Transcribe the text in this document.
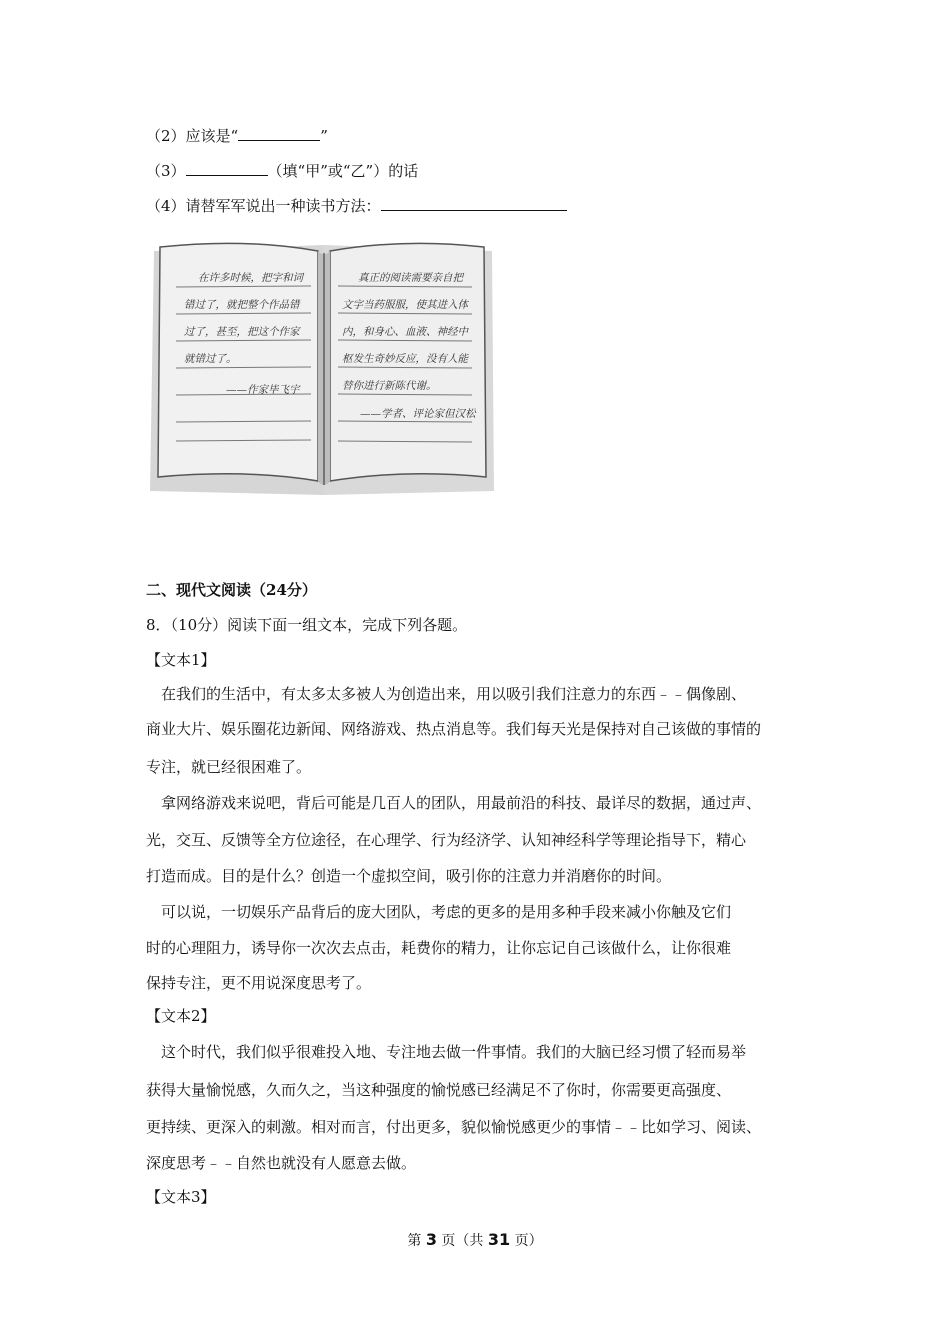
（2）应该是“	”
（3）	（填“甲”或“乙”）的话
（4）请替军军说出一种读书方法：
在许多时候，把字和词
错过了，就把整个作品错
过了，甚至，把这个作家
就错过了。
——作家毕飞宇
真正的阅读需要亲自把
文字当药服服，使其进入体
内，和身心、血液、神经中
枢发生奇妙反应，没有人能
替你进行新陈代谢。
——学者、评论家但汉松
二、现代文阅读（24分）
8．（10分）阅读下面一组文本，完成下列各题。
【文本1】
在我们的生活中，有太多太多被人为创造出来，用以吸引我们注意力的东西﹣﹣偶像剧、
商业大片、娱乐圈花边新闻、网络游戏、热点消息等。我们每天光是保持对自己该做的事情的
专注，就已经很困难了。
拿网络游戏来说吧，背后可能是几百人的团队，用最前沿的科技、最详尽的数据，通过声、
光，交互、反馈等全方位途径，在心理学、行为经济学、认知神经科学等理论指导下，精心
打造而成。目的是什么？创造一个虚拟空间，吸引你的注意力并消磨你的时间。
可以说，一切娱乐产品背后的庞大团队，考虑的更多的是用多种手段来减小你触及它们
时的心理阻力，诱导你一次次去点击，耗费你的精力，让你忘记自己该做什么，让你很难
保持专注，更不用说深度思考了。
【文本2】
这个时代，我们似乎很难投入地、专注地去做一件事情。我们的大脑已经习惯了轻而易举
获得大量愉悦感，久而久之，当这种强度的愉悦感已经满足不了你时，你需要更高强度、
更持续、更深入的刺激。相对而言，付出更多，貌似愉悦感更少的事情﹣﹣比如学习、阅读、
深度思考﹣﹣自然也就没有人愿意去做。
【文本3】
第 3 页（共 31 页）
